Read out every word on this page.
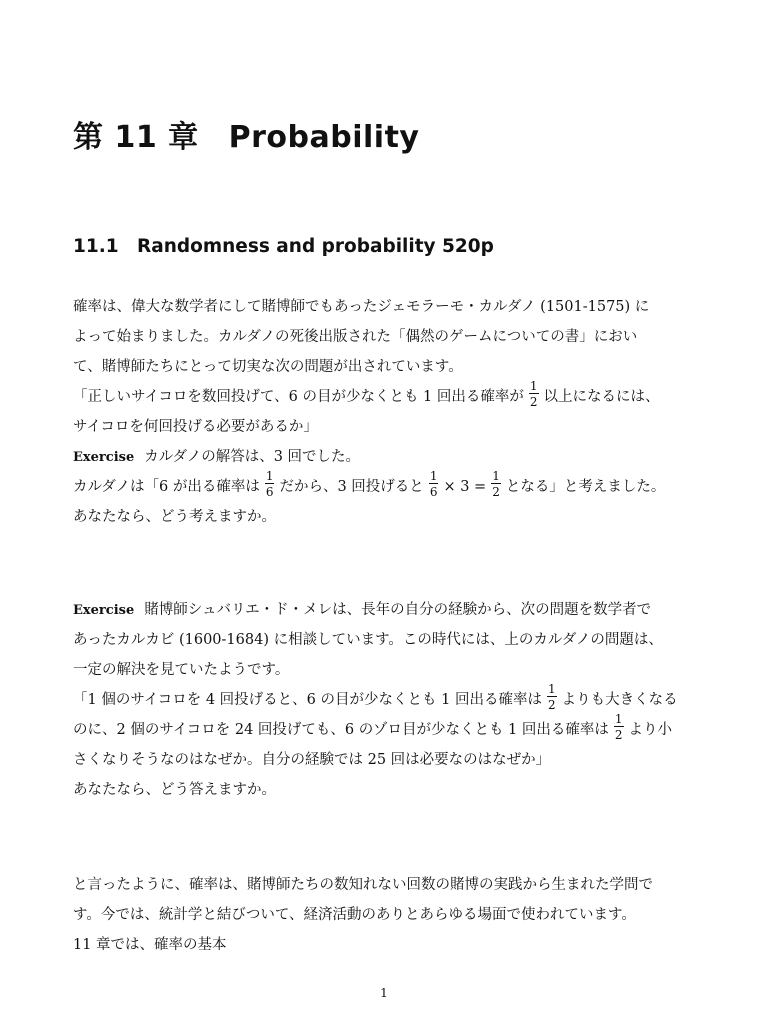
第 11 章 Probability
11.1 Randomness and probability 520p
確率は、偉大な数学者にして賭博師でもあったジェモラーモ・カルダノ (1501-1575) に
よって始まりました。カルダノの死後出版された「偶然のゲームについての書」におい
て、賭博師たちにとって切実な次の問題が出されています。
「正しいサイコロを数回投げて、6 の目が少なくとも 1 回出る確率が $\frac{1}{2}$ 以上になるには、
サイコロを何回投げる必要があるか」
Exercise カルダノの解答は、3 回でした。
カルダノは「6 が出る確率は $\frac{1}{6}$ だから、3 回投げると $\frac{1}{6} \times 3 = \frac{1}{2}$ となる」と考えました。
あなたなら、どう考えますか。
Exercise 賭博師シュバリエ・ド・メレは、長年の自分の経験から、次の問題を数学者で
あったカルカビ (1600-1684) に相談しています。この時代には、上のカルダノの問題は、
一定の解決を見ていたようです。
「1 個のサイコロを 4 回投げると、6 の目が少なくとも 1 回出る確率は $\frac{1}{2}$ よりも大きくなる
のに、2 個のサイコロを 24 回投げても、6 のゾロ目が少なくとも 1 回出る確率は $\frac{1}{2}$ より小
さくなりそうなのはなぜか。自分の経験では 25 回は必要なのはなぜか」
あなたなら、どう答えますか。
と言ったように、確率は、賭博師たちの数知れない回数の賭博の実践から生まれた学問で
す。今では、統計学と結びついて、経済活動のありとあらゆる場面で使われています。
11 章では、確率の基本
1
